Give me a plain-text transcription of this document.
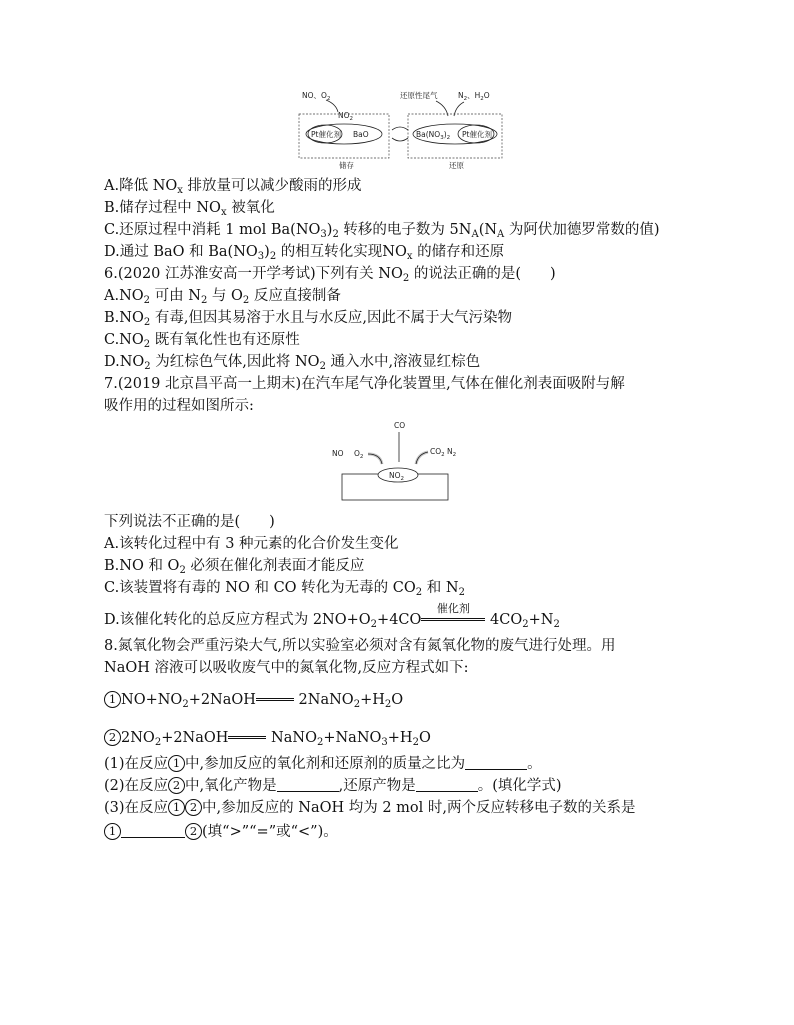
NO、$O_2$
$NO_2$
Pt催化剂 BaO
储存
还原性尾气	$N_2$、$H_2O$
$Ba(NO_3)_2$ Pt催化剂
还原
A.降低 $NO_x$ 排放量可以减少酸雨的形成
B.储存过程中 $NO_x$ 被氧化
C.还原过程中消耗 1 mol $Ba(NO_3)_2$ 转移的电子数为 $5N_A(N_A$ 为阿伏加德罗常数的值)
D.通过 BaO 和 $Ba(NO_3)_2$ 的相互转化实现$NO_x$ 的储存和还原
6.(2020 江苏淮安高一开学考试)下列有关 $NO_2$ 的说法正确的是(　　)
$A.NO_2$ 可由 $N_2$ 与 $O_2$ 反应直接制备
$B.NO_2$ 有毒,但因其易溶于水且与水反应,因此不属于大气污染物
$C.NO_2$ 既有氧化性也有还原性
$D.NO_2$ 为红棕色气体,因此将 $NO_2$ 通入水中,溶液显红棕色
7.(2019 北京昌平高一上期末)在汽车尾气净化装置里,气体在催化剂表面吸附与解
吸作用的过程如图所示:
NO $O_2$
CO
$CO_2$ $N_2$
$NO_2$
下列说法不正确的是(　　)
A.该转化过程中有 3 种元素的化合价发生变化
B.NO 和 $O_2$ 必须在催化剂表面才能反应
C.该装置将有毒的 NO 和 CO 转化为无毒的 $CO_2$ 和 $N_2$
D.该催化转化的总反应方程式为 $2NO+O_2+4CO$
催化剂
$4CO_2+N_2$
8.氮氧化物会严重污染大气,所以实验室必须对含有氮氧化物的废气进行处理。用
NaOH 溶液可以吸收废气中的氮氧化物,反应方程式如下:
1 $NO+NO_2+2NaOH$	$2NaNO_2+H_2O$
2 $2NO_2+2NaOH$	$NaNO_2+NaNO_3+H_2O$
(1)在反应 1 中,参加反应的氧化剂和还原剂的质量之比为	。
(2)在反应 2 中,氧化产物是	,还原产物是	。(填化学式)
(3)在反应 1 2 中,参加反应的 NaOH 均为 2 mol 时,两个反应转移电子数的关系是
1	2 (填“>”“=”或“<”)。
